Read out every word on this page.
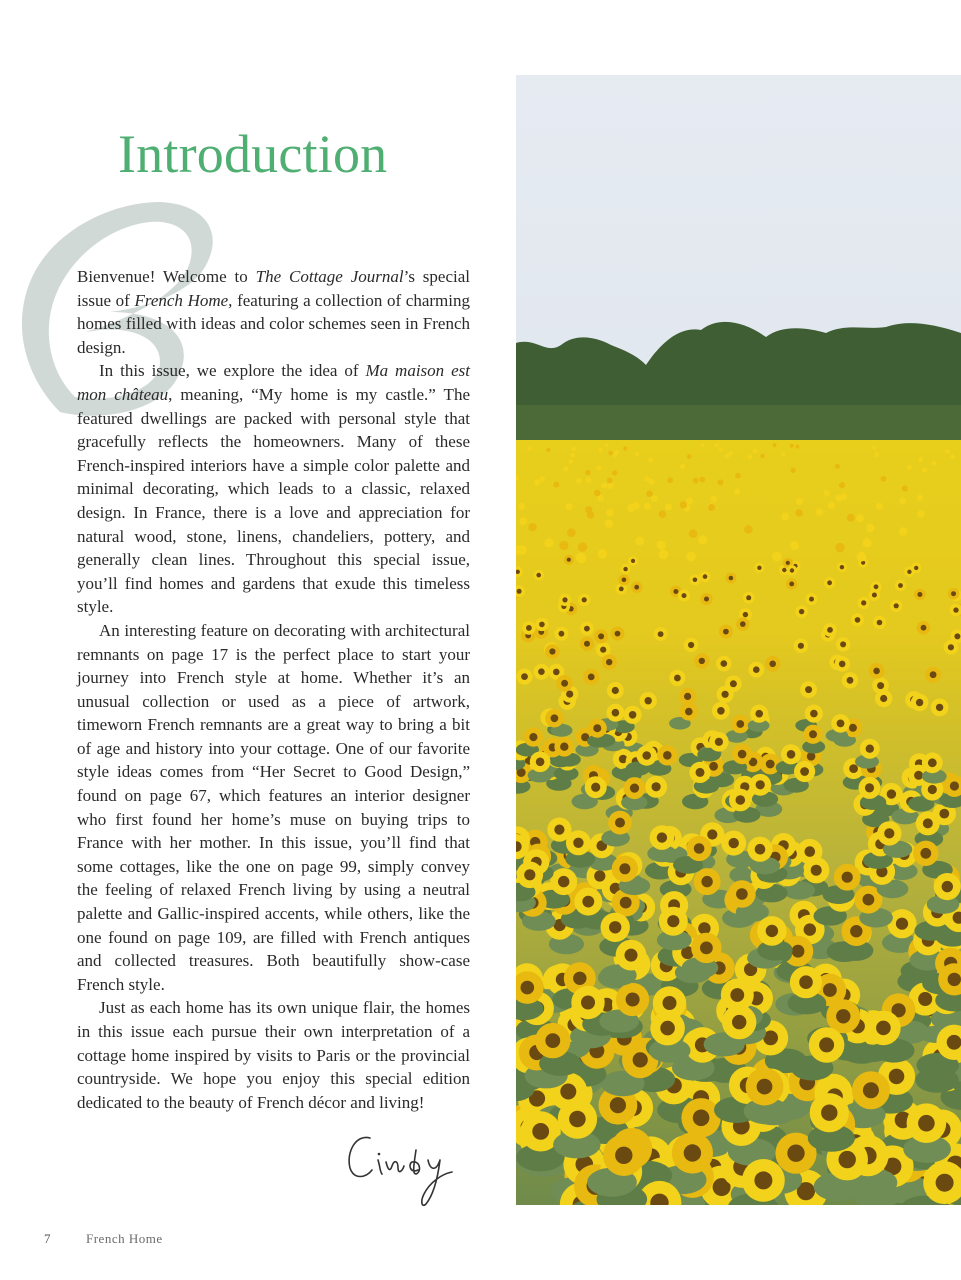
Introduction

Bienvenue! Welcome to The Cottage Journal’s special issue of French Home, featuring a collection of charming homes filled with ideas and color schemes seen in French design.

In this issue, we explore the idea of Ma maison est mon château, meaning, “My home is my castle.” The featured dwellings are packed with personal style that gracefully reflects the homeowners. Many of these French-inspired interiors have a simple color palette and minimal decorating, which leads to a classic, relaxed design. In France, there is a love and appreciation for natural wood, stone, linens, chandeliers, pottery, and generally clean lines. Throughout this special issue, you’ll find homes and gardens that exude this timeless style.

An interesting feature on decorating with architectural remnants on page 17 is the perfect place to start your journey into French style at home. Whether it’s an unusual collection or used as a piece of artwork, timeworn French remnants are a great way to bring a bit of age and history into your cottage. One of our favorite style ideas comes from “Her Secret to Good Design,” found on page 67, which features an interior designer who first found her home’s muse on buying trips to France with her mother. In this issue, you’ll find that some cottages, like the one on page 99, simply convey the feeling of relaxed French living by using a neutral palette and Gallic-inspired accents, while others, like the one found on page 109, are filled with French antiques and collected treasures. Both beautifully show-case French style.

Just as each home has its own unique flair, the homes in this issue each pursue their own interpretation of a cottage home inspired by visits to Paris or the provincial countryside. We hope you enjoy this special edition dedicated to the beauty of French décor and living!

7	French Home
